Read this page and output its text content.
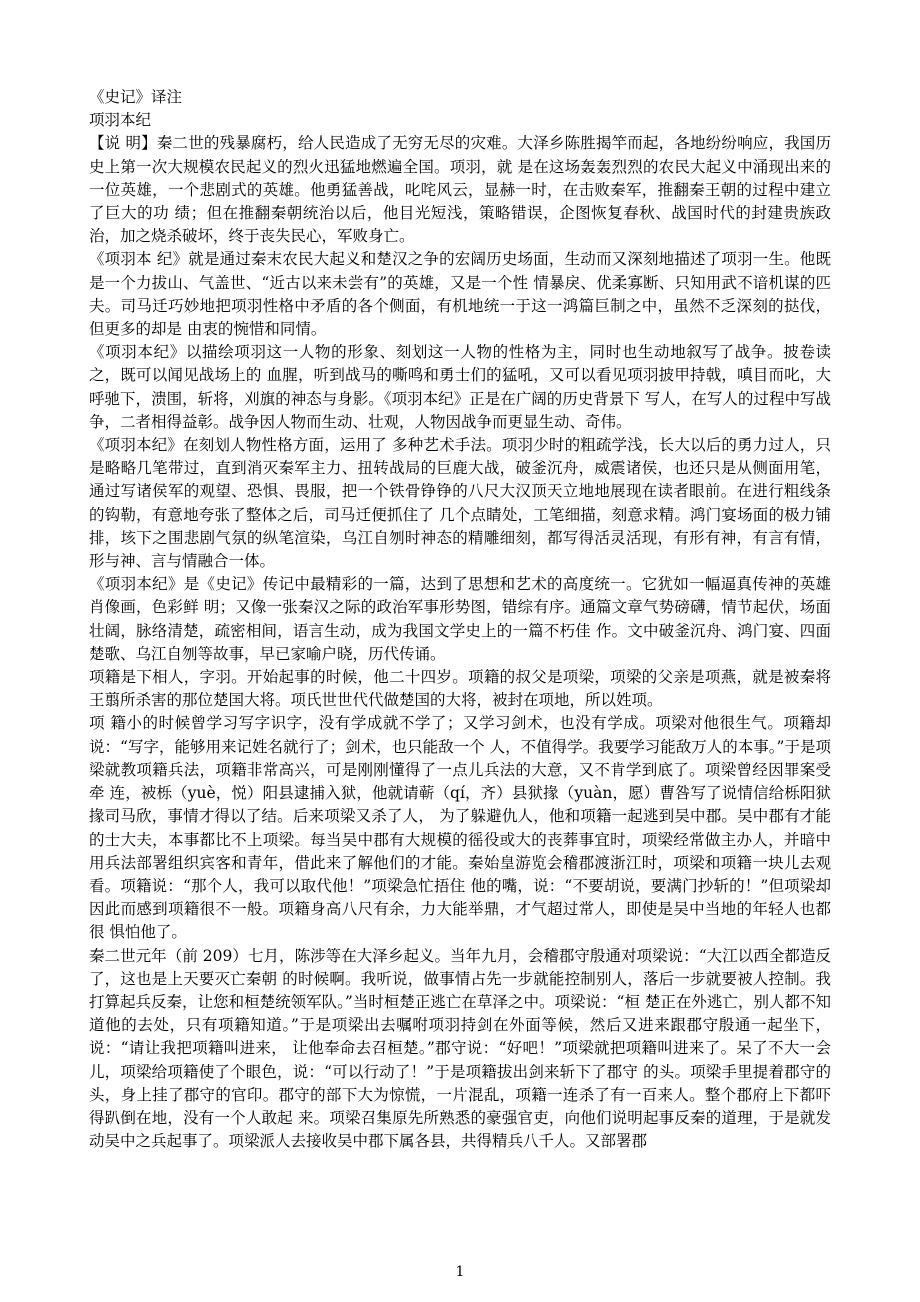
《史记》译注

项羽本纪

【说 明】秦二世的残暴腐朽，给人民造成了无穷无尽的灾难。大泽乡陈胜揭竿而起，各地纷纷响应，我国历史上第一次大规模农民起义的烈火迅猛地燃遍全国。项羽，就 是在这场轰轰烈烈的农民大起义中涌现出来的一位英雄，一个悲剧式的英雄。他勇猛善战，叱咤风云，显赫一时，在击败秦军，推翻秦王朝的过程中建立了巨大的功 绩；但在推翻秦朝统治以后，他目光短浅，策略错误，企图恢复春秋、战国时代的封建贵族政治，加之烧杀破坏，终于丧失民心，军败身亡。

《项羽本 纪》就是通过秦末农民大起义和楚汉之争的宏阔历史场面，生动而又深刻地描述了项羽一生。他既是一个力拔山、气盖世、“近古以来未尝有”的英雄，又是一个性 情暴戾、优柔寡断、只知用武不谙机谋的匹夫。司马迁巧妙地把项羽性格中矛盾的各个侧面，有机地统一于这一鸿篇巨制之中，虽然不乏深刻的挞伐，但更多的却是 由衷的惋惜和同情。

《项羽本纪》以描绘项羽这一人物的形象、刻划这一人物的性格为主，同时也生动地叙写了战争。披卷读之，既可以闻见战场上的 血腥，听到战马的嘶鸣和勇士们的猛吼，又可以看见项羽披甲持戟，嗔目而叱，大呼驰下，溃围，斩将，刈旗的神态与身影。《项羽本纪》正是在广阔的历史背景下 写人，在写人的过程中写战争，二者相得益彰。战争因人物而生动、壮观，人物因战争而更显生动、奇伟。

《项羽本纪》在刻划人物性格方面，运用了 多种艺术手法。项羽少时的粗疏学浅，长大以后的勇力过人，只是略略几笔带过，直到消灭秦军主力、扭转战局的巨鹿大战，破釜沉舟，威震诸侯，也还只是从侧面用笔，通过写诸侯军的观望、恐惧、畏服，把一个铁骨铮铮的八尺大汉顶天立地地展现在读者眼前。在进行粗线条的钩勒，有意地夸张了整体之后，司马迁便抓住了 几个点睛处，工笔细描，刻意求精。鸿门宴场面的极力铺排，垓下之围悲剧气氛的纵笔渲染，乌江自刎时神态的精雕细刻，都写得活灵活现，有形有神，有言有情， 形与神、言与情融合一体。

《项羽本纪》是《史记》传记中最精彩的一篇，达到了思想和艺术的高度统一。它犹如一幅逼真传神的英雄肖像画，色彩鲜 明；又像一张秦汉之际的政治军事形势图，错综有序。通篇文章气势磅礴，情节起伏，场面壮阔，脉络清楚，疏密相间，语言生动，成为我国文学史上的一篇不朽佳 作。文中破釜沉舟、鸿门宴、四面楚歌、乌江自刎等故事，早已家喻户晓，历代传诵。

项籍是下相人，字羽。开始起事的时候，他二十四岁。项籍的叔父是项梁，项梁的父亲是项燕，就是被秦将王翦所杀害的那位楚国大将。项氏世世代代做楚国的大将，被封在项地，所以姓项。

项 籍小的时候曾学习写字识字，没有学成就不学了；又学习剑术，也没有学成。项梁对他很生气。项籍却说：“写字，能够用来记姓名就行了；剑术，也只能敌一个 人，不值得学。我要学习能敌万人的本事。”于是项梁就教项籍兵法，项籍非常高兴，可是刚刚懂得了一点儿兵法的大意，又不肯学到底了。项梁曾经因罪案受牵 连，被栎（yuè，悦）阳县逮捕入狱，他就请蕲（qí，齐）县狱掾（yuàn，愿）曹咎写了说情信给栎阳狱掾司马欣，事情才得以了结。后来项梁又杀了人， 为了躲避仇人，他和项籍一起逃到吴中郡。吴中郡有才能的士大夫，本事都比不上项梁。每当吴中郡有大规模的徭役或大的丧葬事宜时，项梁经常做主办人，并暗中 用兵法部署组织宾客和青年，借此来了解他们的才能。秦始皇游览会稽郡渡浙江时，项梁和项籍一块儿去观看。项籍说：“那个人，我可以取代他！”项梁急忙捂住 他的嘴，说：“不要胡说，要满门抄斩的！”但项梁却因此而感到项籍很不一般。项籍身高八尺有余，力大能举鼎，才气超过常人，即使是吴中当地的年轻人也都很 惧怕他了。

秦二世元年（前 209）七月，陈涉等在大泽乡起义。当年九月，会稽郡守殷通对项梁说：“大江以西全都造反了，这也是上天要灭亡秦朝 的时候啊。我听说，做事情占先一步就能控制别人，落后一步就要被人控制。我打算起兵反秦，让您和桓楚统领军队。”当时桓楚正逃亡在草泽之中。项梁说：“桓 楚正在外逃亡，别人都不知道他的去处，只有项籍知道。”于是项梁出去嘱咐项羽持剑在外面等候，然后又进来跟郡守殷通一起坐下，说：“请让我把项籍叫进来， 让他奉命去召桓楚。”郡守说：“好吧！”项梁就把项籍叫进来了。呆了不大一会儿，项梁给项籍使了个眼色，说：“可以行动了！”于是项籍拔出剑来斩下了郡守 的头。项梁手里提着郡守的头，身上挂了郡守的官印。郡守的部下大为惊慌，一片混乱，项籍一连杀了有一百来人。整个郡府上下都吓得趴倒在地，没有一个人敢起 来。项梁召集原先所熟悉的豪强官吏，向他们说明起事反秦的道理，于是就发动吴中之兵起事了。项梁派人去接收吴中郡下属各县，共得精兵八千人。又部署郡

1
